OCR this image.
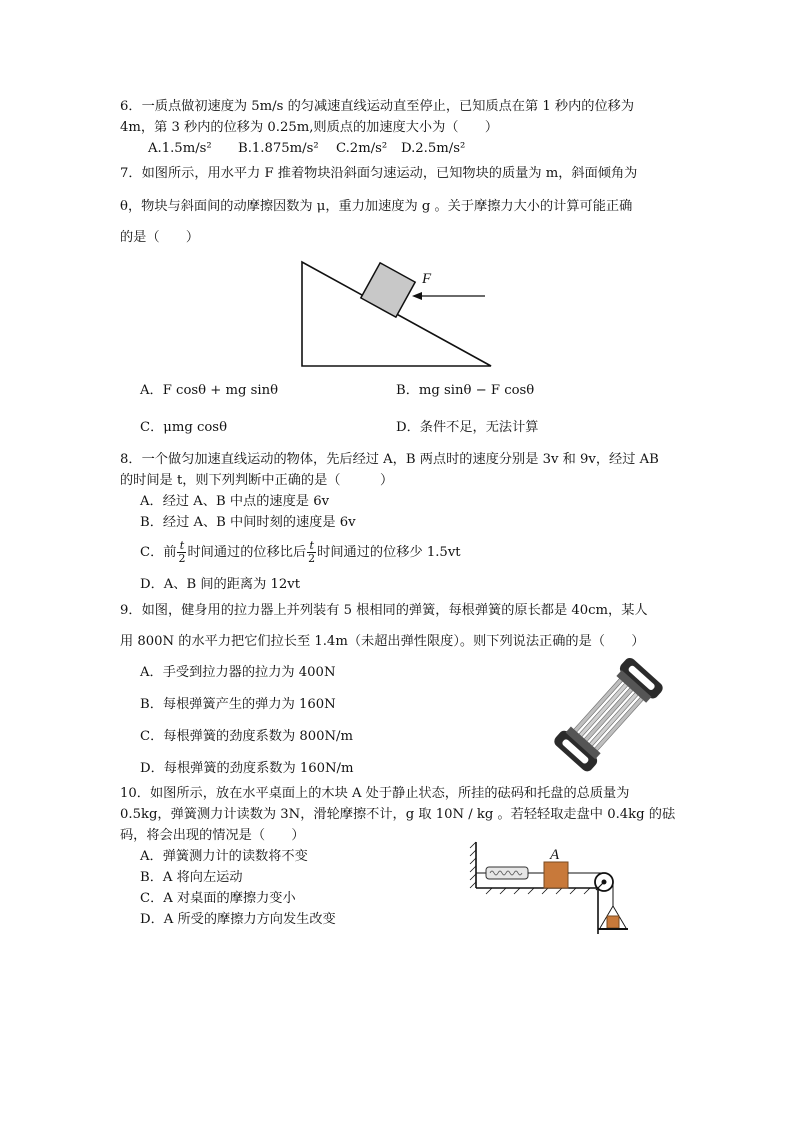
6．一质点做初速度为 5m/s 的匀减速直线运动直至停止，已知质点在第 1 秒内的位移为
4m，第 3 秒内的位移为 0.25m,则质点的加速度大小为（　　）
A.1.5m/s² B.1.875m/s² C.2m/s² D.2.5m/s²
7．如图所示，用水平力 F 推着物块沿斜面匀速运动，已知物块的质量为 m，斜面倾角为
θ，物块与斜面间的动摩擦因数为 μ，重力加速度为 g 。关于摩擦力大小的计算可能正确
的是（　　）
F
A．F cosθ + mg sinθ	B．mg sinθ − F cosθ
C．μmg cosθ	D．条件不足，无法计算
8．一个做匀加速直线运动的物体，先后经过 A，B 两点时的速度分别是 3v 和 9v，经过 AB
的时间是 t，则下列判断中正确的是（　　　）
A．经过 A、B 中点的速度是 6v
B．经过 A、B 中间时刻的速度是 6v
C．前 $\frac{t}{2}$ 时间通过的位移比后 $\frac{t}{2}$ 时间通过的位移少 1.5vt
D．A、B 间的距离为 12vt
9．如图，健身用的拉力器上并列装有 5 根相同的弹簧，每根弹簧的原长都是 40cm，某人
用 800N 的水平力把它们拉长至 1.4m（未超出弹性限度）。则下列说法正确的是（　　）
A．手受到拉力器的拉力为 400N
B．每根弹簧产生的弹力为 160N
C．每根弹簧的劲度系数为 800N/m
D．每根弹簧的劲度系数为 160N/m
10．如图所示，放在水平桌面上的木块 A 处于静止状态，所挂的砝码和托盘的总质量为
0.5kg，弹簧测力计读数为 3N，滑轮摩擦不计，g 取 10N / kg 。若轻轻取走盘中 0.4kg 的砝
码，将会出现的情况是（　　）
A．弹簧测力计的读数将不变
B．A 将向左运动
C．A 对桌面的摩擦力变小
D．A 所受的摩擦力方向发生改变
A
